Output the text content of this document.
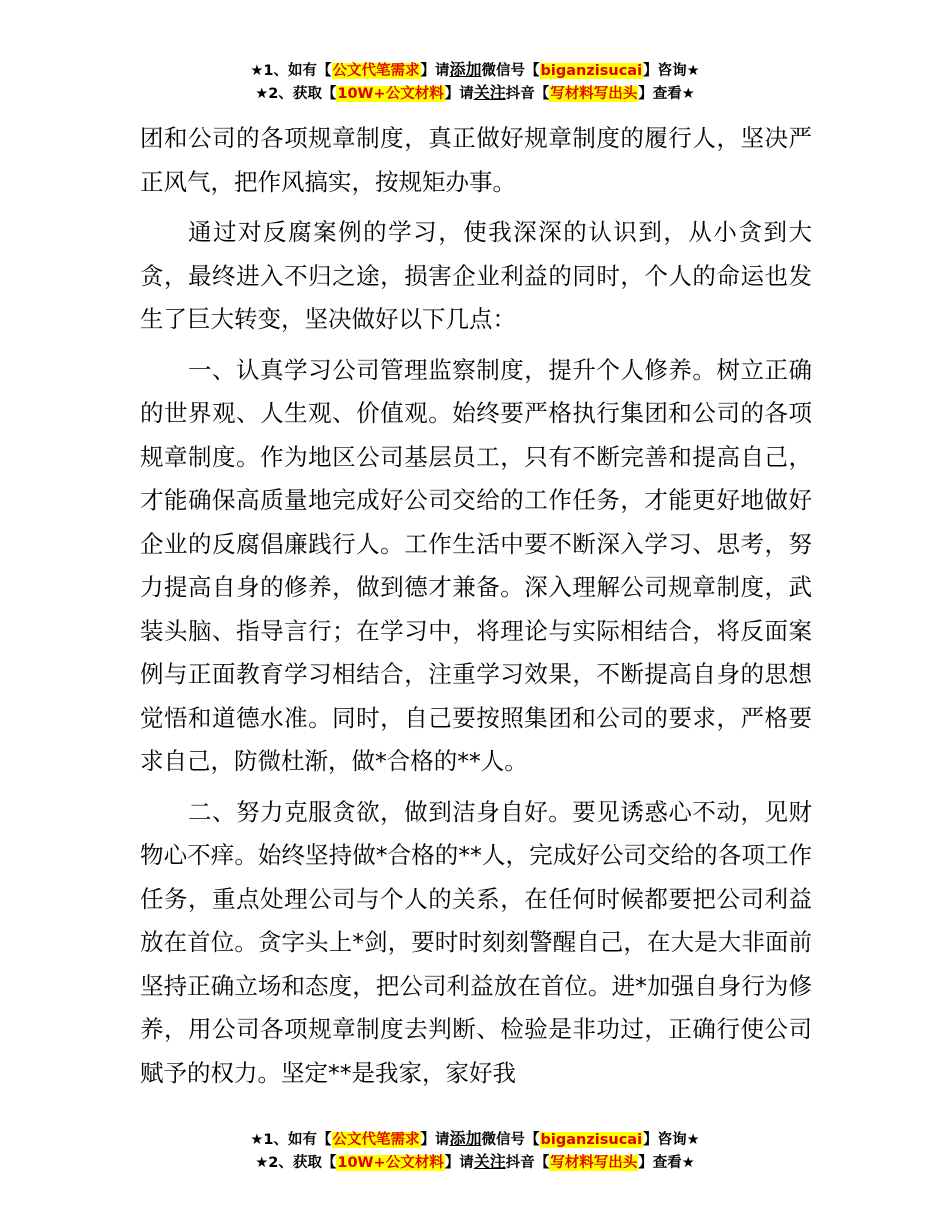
★1、如有【公文代笔需求】请添加微信号【biganzisucai】咨询★
★2、获取【10W+公文材料】请关注抖音【写材料写出头】查看★

团和公司的各项规章制度，真正做好规章制度的履行人，坚决严正风气，把作风搞实，按规矩办事。

通过对反腐案例的学习，使我深深的认识到，从小贪到大贪，最终进入不归之途，损害企业利益的同时，个人的命运也发生了巨大转变，坚决做好以下几点：

一、认真学习公司管理监察制度，提升个人修养。树立正确的世界观、人生观、价值观。始终要严格执行集团和公司的各项规章制度。作为地区公司基层员工，只有不断完善和提高自己，才能确保高质量地完成好公司交给的工作任务，才能更好地做好企业的反腐倡廉践行人。工作生活中要不断深入学习、思考，努力提高自身的修养，做到德才兼备。深入理解公司规章制度，武装头脑、指导言行；在学习中，将理论与实际相结合，将反面案例与正面教育学习相结合，注重学习效果，不断提高自身的思想觉悟和道德水准。同时，自己要按照集团和公司的要求，严格要求自己，防微杜渐，做*合格的**人。

二、努力克服贪欲，做到洁身自好。要见诱惑心不动，见财物心不痒。始终坚持做*合格的**人，完成好公司交给的各项工作任务，重点处理公司与个人的关系，在任何时候都要把公司利益放在首位。贪字头上*剑，要时时刻刻警醒自己，在大是大非面前坚持正确立场和态度，把公司利益放在首位。进*加强自身行为修养，用公司各项规章制度去判断、检验是非功过，正确行使公司赋予的权力。坚定**是我家，家好我

★1、如有【公文代笔需求】请添加微信号【biganzisucai】咨询★
★2、获取【10W+公文材料】请关注抖音【写材料写出头】查看★
